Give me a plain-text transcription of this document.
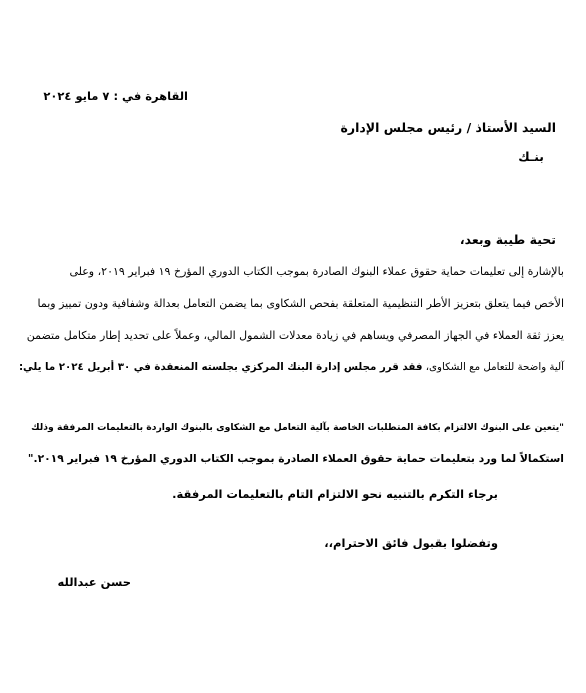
القاهرة في : ٧ مايو ٢٠٢٤
السيد الأستاذ / رئيس مجلس الإدارة
بنـك
تحية طيبة وبعد،
بالإشارة إلى تعليمات حماية حقوق عملاء البنوك الصادرة بموجب الكتاب الدوري المؤرخ ١٩ فبراير ٢٠١٩، وعلى
الأخص فيما يتعلق بتعزيز الأطر التنظيمية المتعلقة بفحص الشكاوى بما يضمن التعامل بعدالة وشفافية ودون تمييز وبما
يعزز ثقة العملاء في الجهاز المصرفي ويساهم في زيادة معدلات الشمول المالي، وعملاً على تحديد إطار متكامل متضمن
آلية واضحة للتعامل مع الشكاوى، فقد قرر مجلس إدارة البنك المركزي بجلسته المنعقدة في ٣٠ أبريل ٢٠٢٤ ما يلي:
"يتعين على البنوك الالتزام بكافة المتطلبات الخاصة بآلية التعامل مع الشكاوى بالبنوك الواردة بالتعليمات المرفقة وذلك
استكمالاً لما ورد بتعليمات حماية حقوق العملاء الصادرة بموجب الكتاب الدوري المؤرخ ١٩ فبراير ٢٠١٩."
برجاء التكرم بالتنبيه نحو الالتزام التام بالتعليمات المرفقة.
وتفضلوا بقبول فائق الاحترام،،
حسن عبدالله
